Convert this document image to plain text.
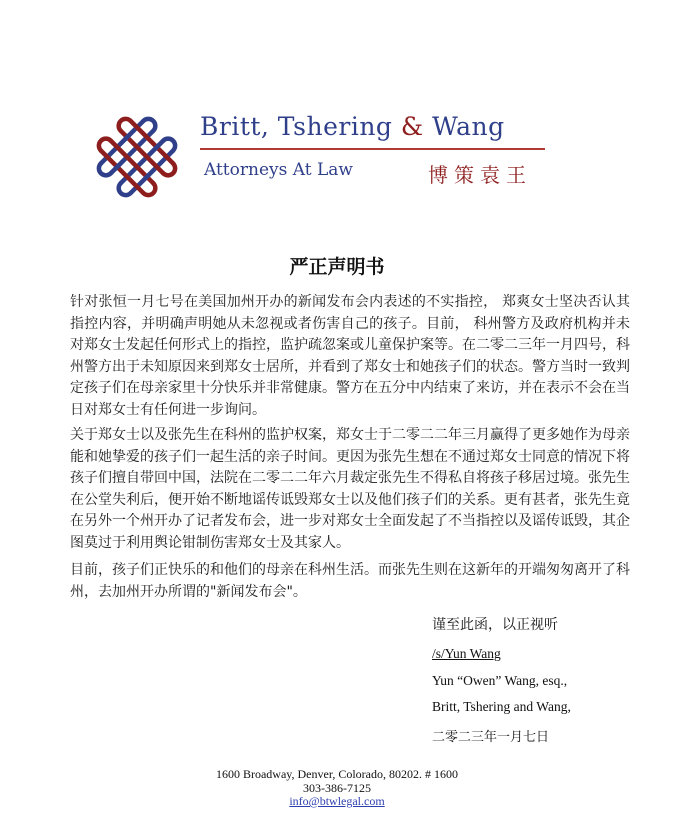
Britt, Tshering & Wang
Attorneys At Law	博策袁王
严正声明书
针对张恒一月七号在美国加州开办的新闻发布会内表述的不实指控， 郑爽女士坚决否认其指控内容，并明确声明她从未忽视或者伤害自己的孩子。目前， 科州警方及政府机构并未对郑女士发起任何形式上的指控，监护疏忽案或儿童保护案等。在二零二三年一月四号，科州警方出于未知原因来到郑女士居所，并看到了郑女士和她孩子们的状态。警方当时一致判定孩子们在母亲家里十分快乐并非常健康。警方在五分中内结束了来访，并在表示不会在当日对郑女士有任何进一步询问。
关于郑女士以及张先生在科州的监护权案，郑女士于二零二二年三月赢得了更多她作为母亲能和她挚爱的孩子们一起生活的亲子时间。更因为张先生想在不通过郑女士同意的情况下将孩子们擅自带回中国，法院在二零二二年六月裁定张先生不得私自将孩子移居过境。张先生在公堂失利后，便开始不断地谣传诋毁郑女士以及他们孩子们的关系。更有甚者，张先生竟在另外一个州开办了记者发布会，进一步对郑女士全面发起了不当指控以及谣传诋毁，其企图莫过于利用舆论钳制伤害郑女士及其家人。
目前，孩子们正快乐的和他们的母亲在科州生活。而张先生则在这新年的开端匆匆离开了科州，去加州开办所谓的"新闻发布会"。
谨至此函，以正视听
/s/Yun Wang
Yun “Owen” Wang, esq.,
Britt, Tshering and Wang,
二零二三年一月七日
1600 Broadway, Denver, Colorado, 80202. # 1600
303-386-7125
info@btwlegal.com
